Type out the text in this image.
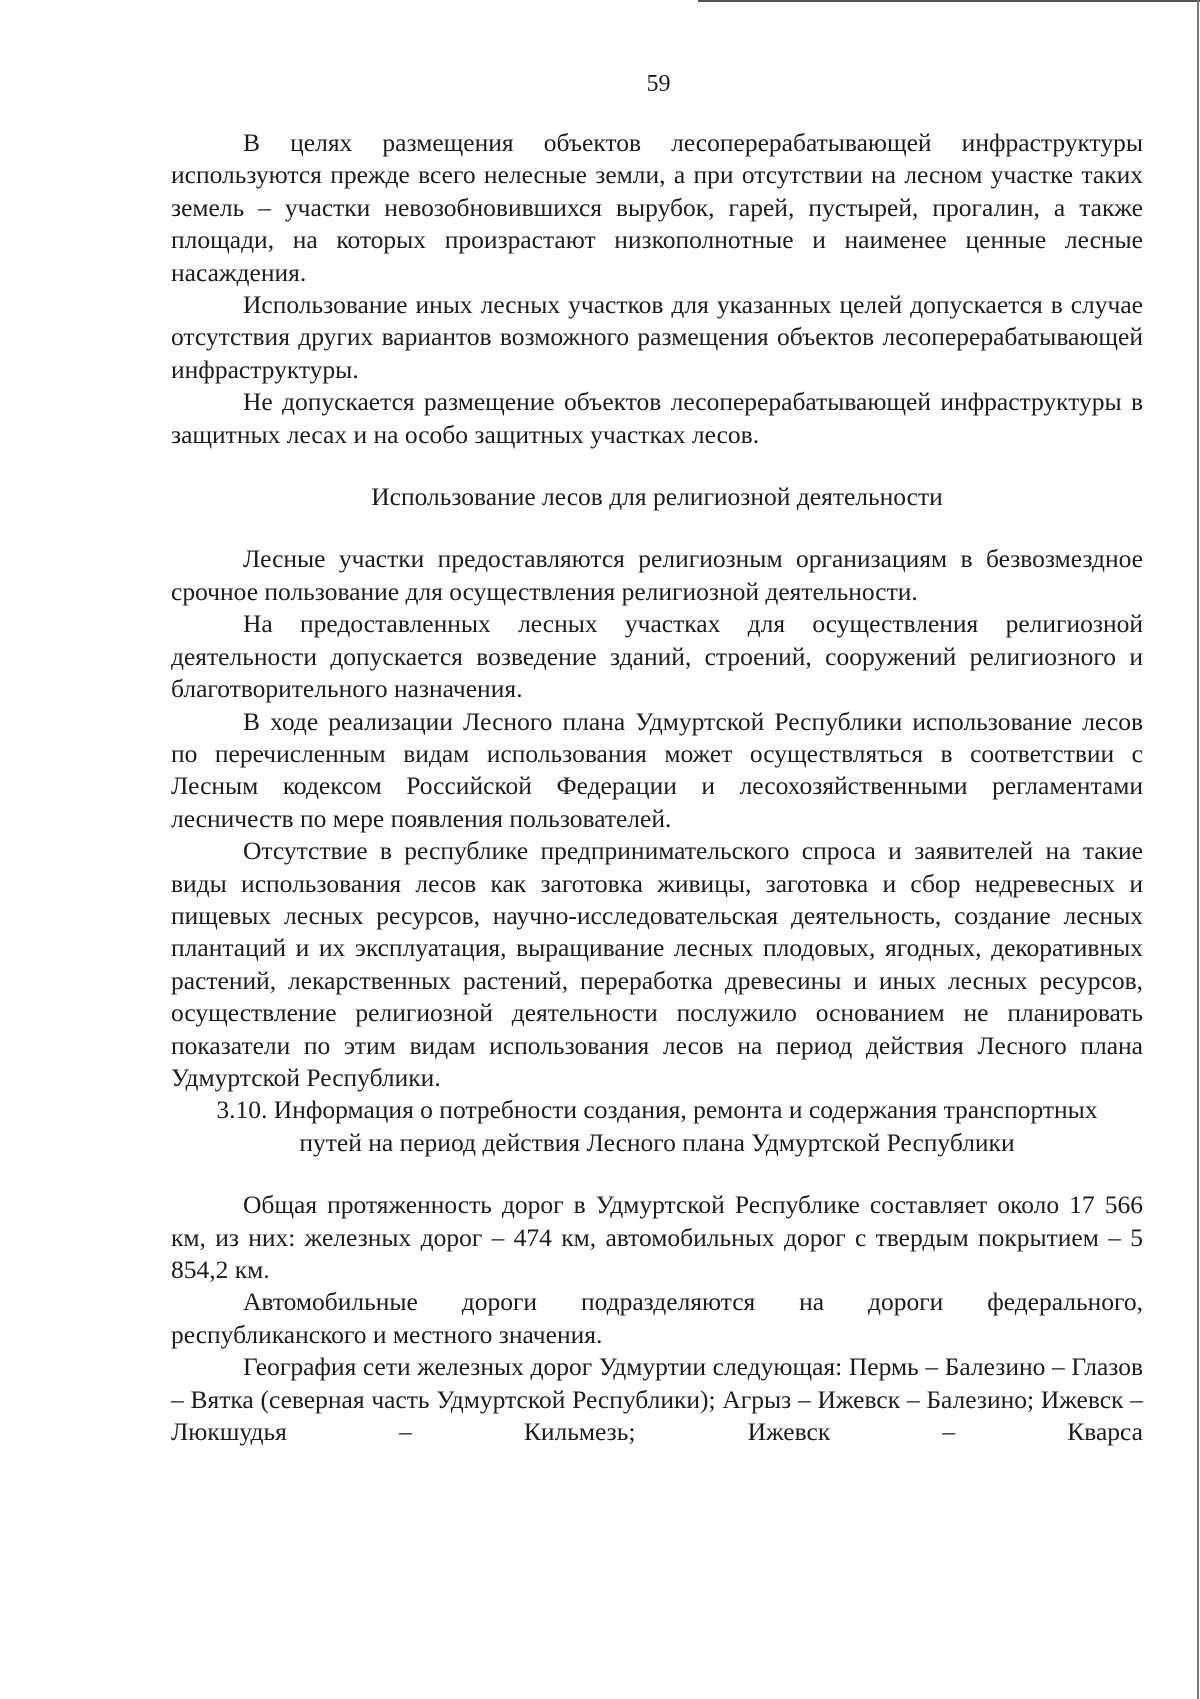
59

В целях размещения объектов лесоперерабатывающей инфраструктуры используются прежде всего нелесные земли, а при отсутствии на лесном участке таких земель – участки невозобновившихся вырубок, гарей, пустырей, прогалин, а также площади, на которых произрастают низкополнотные и наименее ценные лесные насаждения.

Использование иных лесных участков для указанных целей допускается в случае отсутствия других вариантов возможного размещения объектов лесоперерабатывающей инфраструктуры.

Не допускается размещение объектов лесоперерабатывающей инфраструктуры в защитных лесах и на особо защитных участках лесов.

Использование лесов для религиозной деятельности

Лесные участки предоставляются религиозным организациям в безвозмездное срочное пользование для осуществления религиозной деятельности.

На предоставленных лесных участках для осуществления религиозной деятельности допускается возведение зданий, строений, сооружений религиозного и благотворительного назначения.

В ходе реализации Лесного плана Удмуртской Республики использование лесов по перечисленным видам использования может осуществляться в соответствии с Лесным кодексом Российской Федерации и лесохозяйственными регламентами лесничеств по мере появления пользователей.

Отсутствие в республике предпринимательского спроса и заявителей на такие виды использования лесов как заготовка живицы, заготовка и сбор недревесных и пищевых лесных ресурсов, научно-исследовательская деятельность, создание лесных плантаций и их эксплуатация, выращивание лесных плодовых, ягодных, декоративных растений, лекарственных растений, переработка древесины и иных лесных ресурсов, осуществление религиозной деятельности послужило основанием не планировать показатели по этим видам использования лесов на период действия Лесного плана Удмуртской Республики.

3.10. Информация о потребности создания, ремонта и содержания транспортных путей на период действия Лесного плана Удмуртской Республики

Общая протяженность дорог в Удмуртской Республике составляет около 17 566 км, из них: железных дорог – 474 км, автомобильных дорог с твердым покрытием – 5 854,2 км.

Автомобильные дороги подразделяются на дороги федерального, республиканского и местного значения.

География сети железных дорог Удмуртии следующая: Пермь – Балезино – Глазов – Вятка (северная часть Удмуртской Республики); Агрыз – Ижевск – Балезино; Ижевск – Люкшудья – Кильмезь; Ижевск – Кварса
